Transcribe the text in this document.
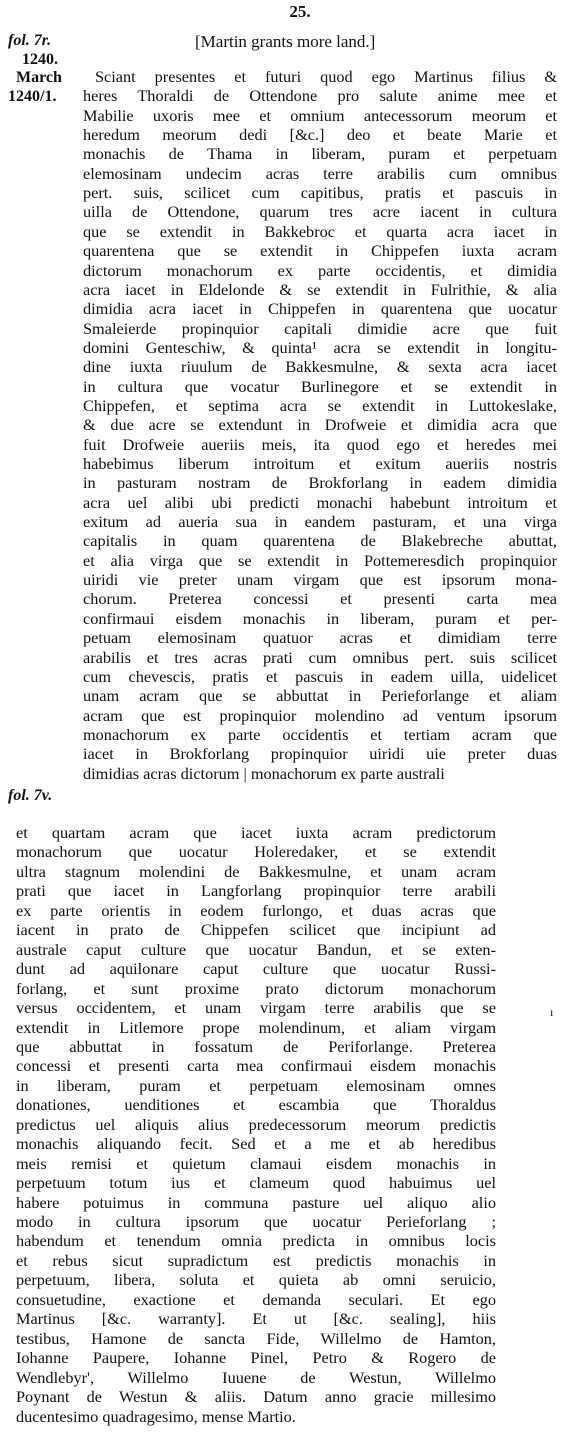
25.
fol. 7r.
1240.
March
1240/1.
fol. 7v.
[Martin grants more land.]
Sciant presentes et futuri quod ego Martinus filius &
heres Thoraldi de Ottendone pro salute anime mee et
Mabilie uxoris mee et omnium antecessorum meorum et
heredum meorum dedi [&c.] deo et beate Marie et
monachis de Thama in liberam, puram et perpetuam
elemosinam undecim acras terre arabilis cum omnibus
pert. suis, scilicet cum capitibus, pratis et pascuis in
uilla de Ottendone, quarum tres acre iacent in cultura
que se extendit in Bakkebroc et quarta acra iacet in
quarentena que se extendit in Chippefen iuxta acram
dictorum monachorum ex parte occidentis, et dimidia
acra iacet in Eldelonde & se extendit in Fulrithie, & alia
dimidia acra iacet in Chippefen in quarentena que uocatur
Smaleierde propinquior capitali dimidie acre que fuit
domini Genteschiw, & quinta¹ acra se extendit in longitu-
dine iuxta riuulum de Bakkesmulne, & sexta acra iacet
in cultura que vocatur Burlinegore et se extendit in
Chippefen, et septima acra se extendit in Luttokeslake,
& due acre se extendunt in Drofweie et dimidia acra que
fuit Drofweie aueriis meis, ita quod ego et heredes mei
habebimus liberum introitum et exitum aueriis nostris
in pasturam nostram de Brokforlang in eadem dimidia
acra uel alibi ubi predicti monachi habebunt introitum et
exitum ad aueria sua in eandem pasturam, et una virga
capitalis in quam quarentena de Blakebreche abuttat,
et alia virga que se extendit in Pottemeresdich propinquior
uiridi vie preter unam virgam que est ipsorum mona-
chorum. Preterea concessi et presenti carta mea
confirmaui eisdem monachis in liberam, puram et per-
petuam elemosinam quatuor acras et dimidiam terre
arabilis et tres acras prati cum omnibus pert. suis scilicet
cum chevescis, pratis et pascuis in eadem uilla, uidelicet
unam acram que se abbuttat in Perieforlange et aliam
acram que est propinquior molendino ad ventum ipsorum
monachorum ex parte occidentis et tertiam acram que
iacet in Brokforlang propinquior uiridi uie preter duas
dimidias acras dictorum | monachorum ex parte australi
et quartam acram que iacet iuxta acram predictorum
monachorum que uocatur Holeredaker, et se extendit
ultra stagnum molendini de Bakkesmulne, et unam acram
prati que iacet in Langforlang propinquior terre arabili
ex parte orientis in eodem furlongo, et duas acras que
iacent in prato de Chippefen scilicet que incipiunt ad
australe caput culture que uocatur Bandun, et se exten-
dunt ad aquilonare caput culture que uocatur Russi-
forlang, et sunt proxime prato dictorum monachorum
versus occidentem, et unam virgam terre arabilis que se
extendit in Litlemore prope molendinum, et aliam virgam
que abbuttat in fossatum de Periforlange. Preterea
concessi et presenti carta mea confirmaui eisdem monachis
in liberam, puram et perpetuam elemosinam omnes
donationes, uenditiones et escambia que Thoraldus
predictus uel aliquis alius predecessorum meorum predictis
monachis aliquando fecit. Sed et a me et ab heredibus
meis remisi et quietum clamaui eisdem monachis in
perpetuum totum ius et clameum quod habuimus uel
habere potuimus in communa pasture uel aliquo alio
modo in cultura ipsorum que uocatur Perieforlang ;
habendum et tenendum omnia predicta in omnibus locis
et rebus sicut supradictum est predictis monachis in
perpetuum, libera, soluta et quieta ab omni seruicio,
consuetudine, exactione et demanda seculari. Et ego
Martinus [&c. warranty]. Et ut [&c. sealing], hiis
testibus, Hamone de sancta Fide, Willelmo de Hamton,
Iohanne Paupere, Iohanne Pinel, Petro & Rogero de
Wendlebyr', Willelmo Iuuene de Westun, Willelmo
Poynant de Westun & aliis. Datum anno gracie millesimo
ducentesimo quadragesimo, mense Martio.
ı
